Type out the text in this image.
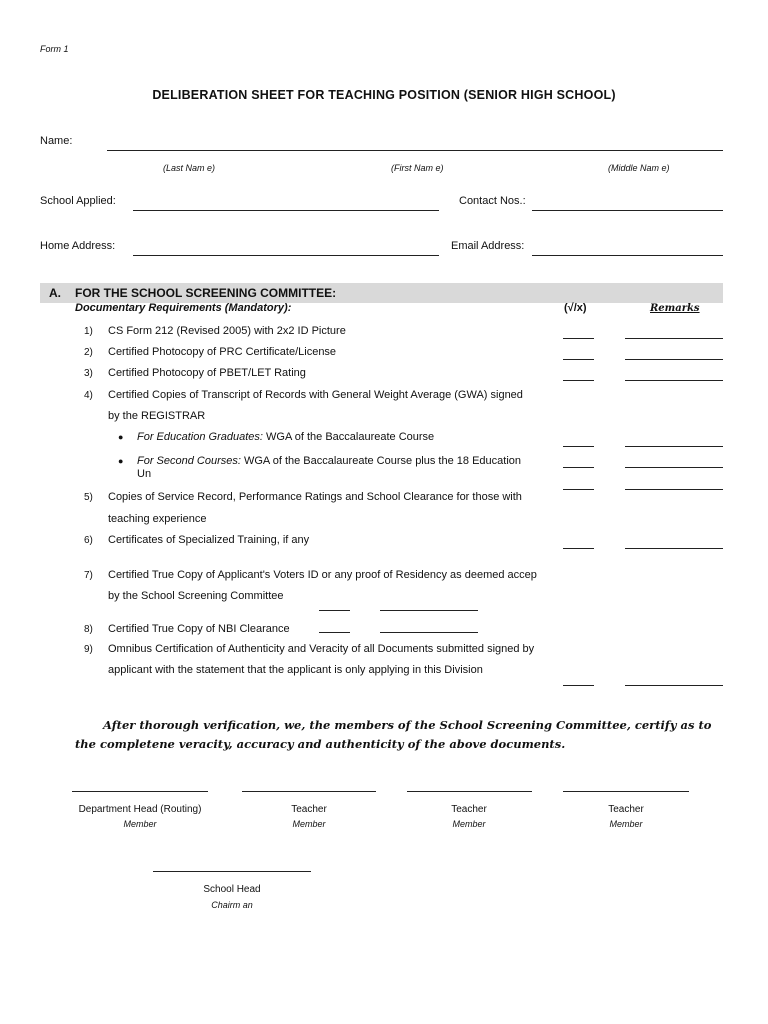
Form 1
DELIBERATION SHEET FOR TEACHING POSITION (SENIOR HIGH SCHOOL)
Name:
(Last Nam e)	(First Nam e)	(Middle Nam e)
School Applied:	Contact Nos.:
Home Address:	Email Address:
A. FOR THE SCHOOL SCREENING COMMITTEE:
Documentary Requirements (Mandatory):	(√/x)	Remarks
1) CS Form 212 (Revised 2005) with 2x2 ID Picture
2) Certified Photocopy of PRC Certificate/License
3) Certified Photocopy of PBET/LET Rating
4) Certified Copies of Transcript of Records with General Weight Average (GWA) signed
by the REGISTRAR
● For Education Graduates: WGA of the Baccalaureate Course
● For Second Courses: WGA of the Baccalaureate Course plus the 18 Education
Un
5) Copies of Service Record, Performance Ratings and School Clearance for those with
teaching experience
6) Certificates of Specialized Training, if any
7) Certified True Copy of Applicant's Voters ID or any proof of Residency as deemed accep
by the School Screening Committee
8) Certified True Copy of NBI Clearance
9) Omnibus Certification of Authenticity and Veracity of all Documents submitted signed by
applicant with the statement that the applicant is only applying in this Division
After thorough verification, we, the members of the School Screening Committee, certify as to the completene veracity, accuracy and authenticity of the above documents.
Department Head (Routing)
Member
Teacher
Member
Teacher
Member
Teacher
Member
School Head
Chairm an
